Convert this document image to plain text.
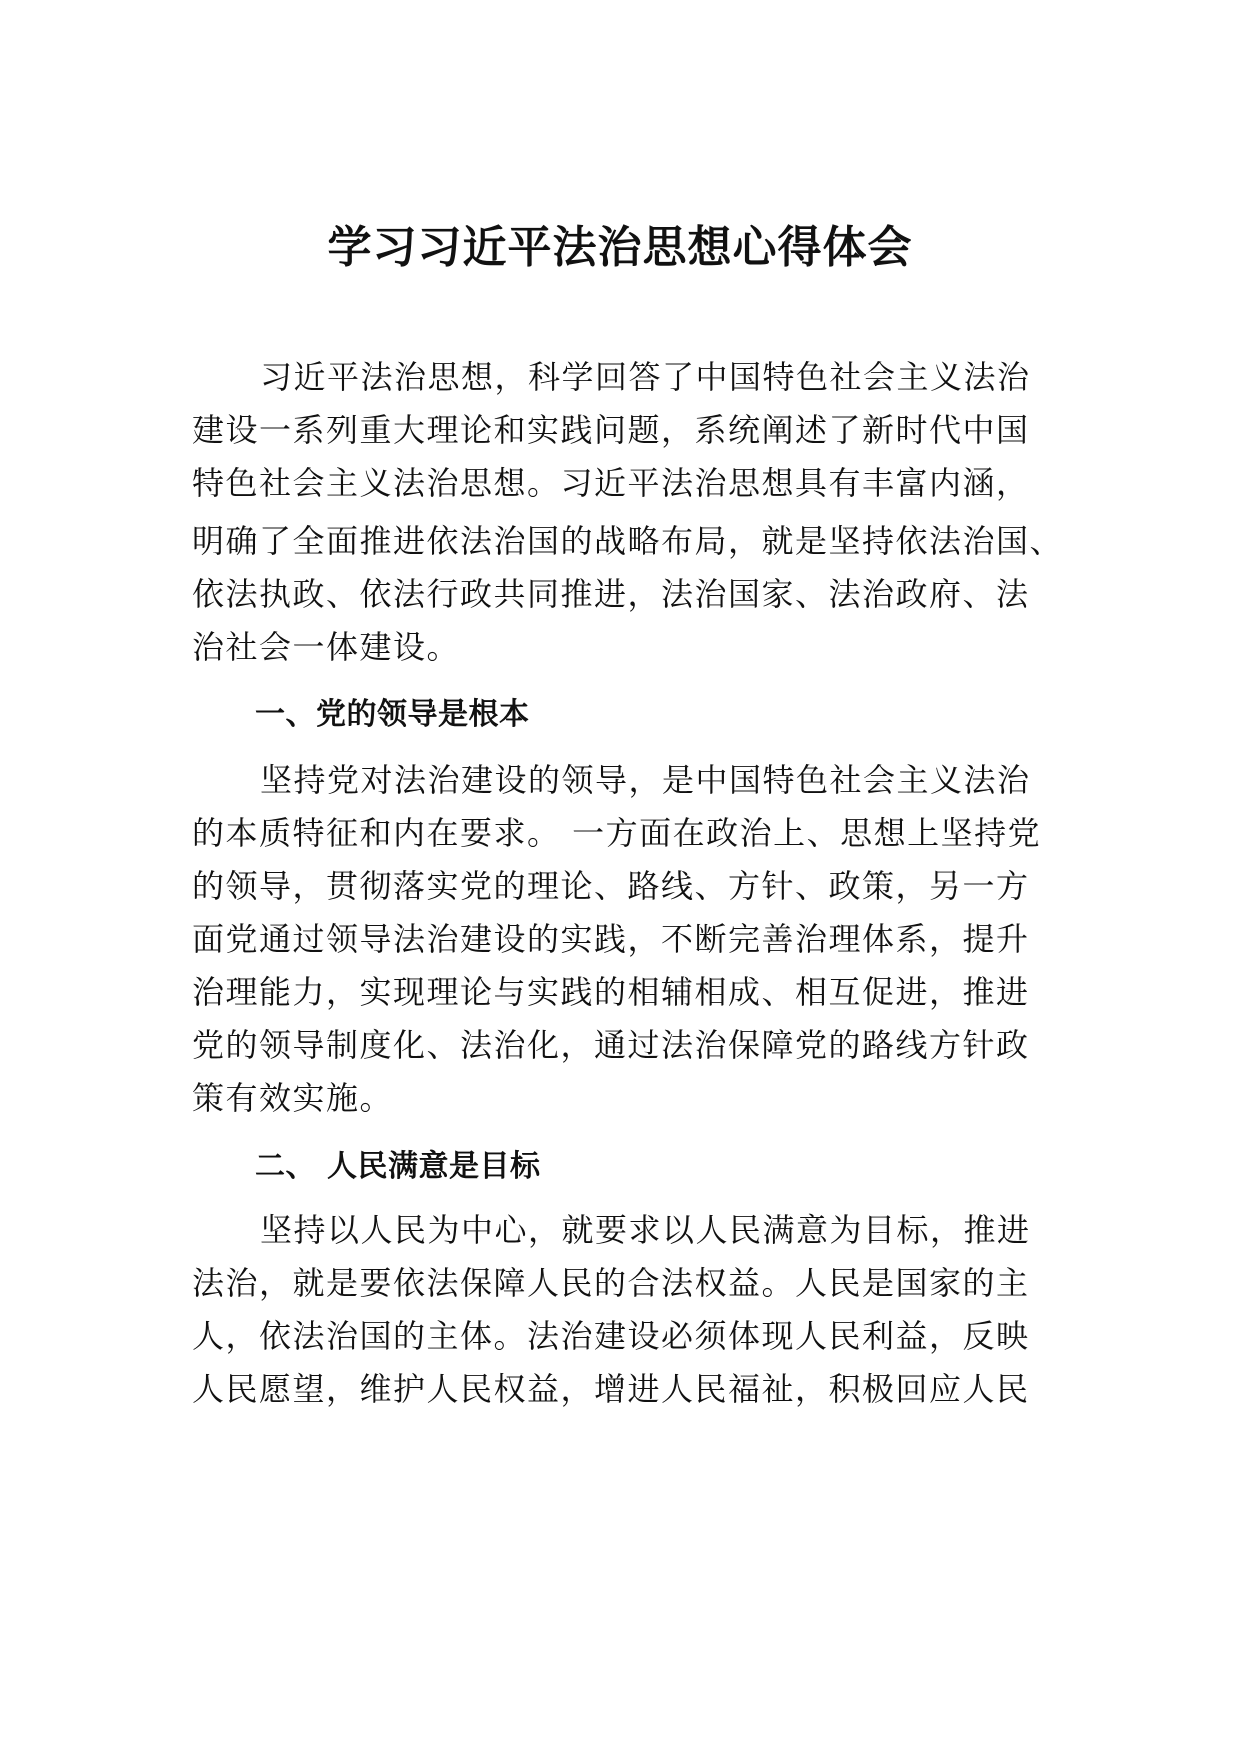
学习习近平法治思想心得体会
习近平法治思想，科学回答了中国特色社会主义法治
建设一系列重大理论和实践问题，系统阐述了新时代中国
特色社会主义法治思想。习近平法治思想具有丰富内涵，
明确了全面推进依法治国的战略布局，就是坚持依法治国、
依法执政、依法行政共同推进，法治国家、法治政府、法
治社会一体建设。
一、党的领导是根本
坚持党对法治建设的领导，是中国特色社会主义法治
的本质特征和内在要求。 一方面在政治上、思想上坚持党
的领导，贯彻落实党的理论、路线、方针、政策，另一方
面党通过领导法治建设的实践，不断完善治理体系，提升
治理能力，实现理论与实践的相辅相成、相互促进，推进
党的领导制度化、法治化，通过法治保障党的路线方针政
策有效实施。
二、 人民满意是目标
坚持以人民为中心，就要求以人民满意为目标，推进
法治，就是要依法保障人民的合法权益。人民是国家的主
人，依法治国的主体。法治建设必须体现人民利益，反映
人民愿望，维护人民权益，增进人民福祉，积极回应人民
